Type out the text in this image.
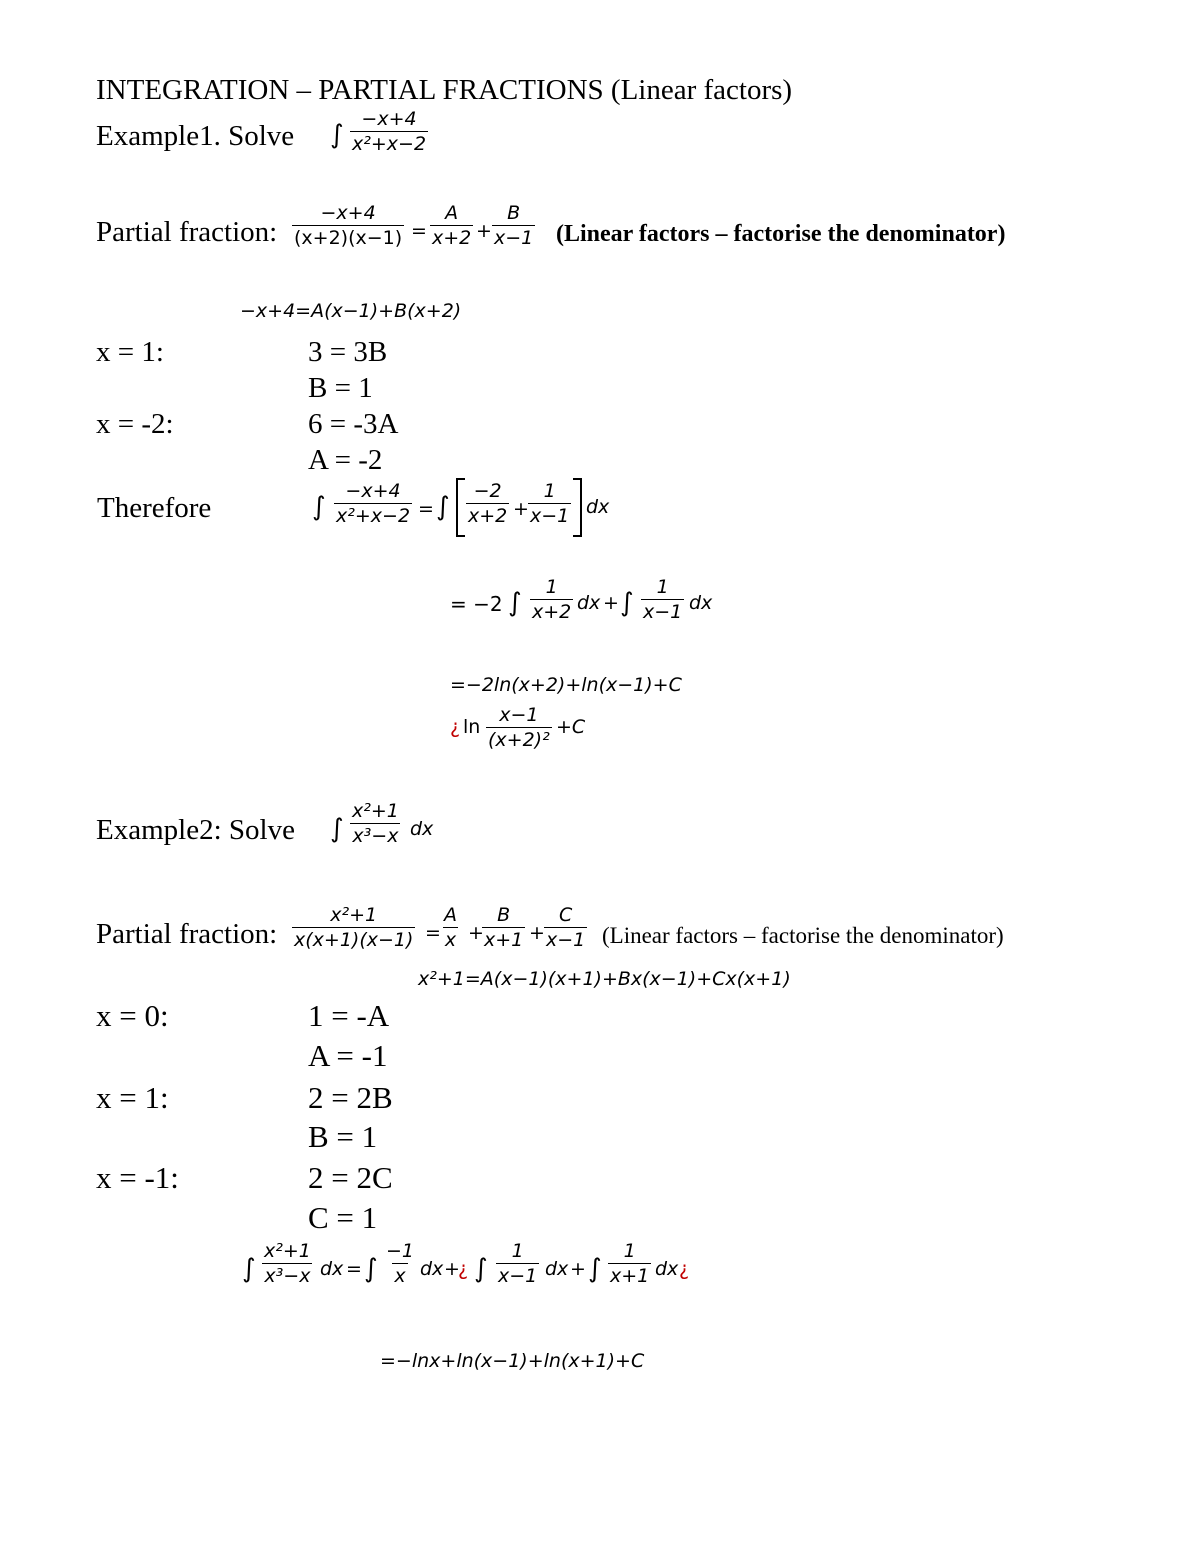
INTEGRATION – PARTIAL FRACTIONS (Linear factors)
Example1. Solve ∫ $\frac{-x+4}{\text{x²+x−2}}$
Partial fraction: $\frac{-x+4}{(x+2)(x-1)} = \frac{A}{x+2} + \frac{B}{x-1}$ (Linear factors – factorise the denominator)
−x+4=A(x−1)+B(x+2)
x = 1:	3 = 3B
B = 1
x = -2:	6 = -3A
A = -2
Therefore	∫ $\frac{-x+4}{\text{x²+x−2}}$ = ∫ $\frac{-2}{x+2} + \frac{1}{x-1}$ dx
= −2 ∫ $\frac{1}{x+2}$ dx + ∫ $\frac{1}{x-1}$ dx
=−2ln(x+2)+ln(x−1)+C
¿ $\ln \frac{x-1}{\text{(x+2)²}} +C$
Example2: Solve ∫ $\frac{\text{x²+1}}{\text{x³−x}}$ dx
Partial fraction: $\frac{\text{x²+1}}{x(x+1)(x-1)} = \frac{A}{x}$ +
$\frac{B}{x+1} + \frac{C}{x-1}$ (Linear factors – factorise the denominator)
x²+1=A(x−1)(x+1)+Bx(x−1)+Cx(x+1)
x = 0:	1 = -A
A = -1
x = 1:	2 = 2B
B = 1
x = -1:	2 = 2C
C = 1
∫ $\frac{\text{x²+1}}{\text{x³−x}}$ dx = ∫ $\frac{-1}{x}$ dx +
¿ ∫ $\frac{1}{x-1}$ dx + ∫ $\frac{1}{x+1}$ dx ¿
=−lnx+ln(x−1)+ln(x+1)+C
